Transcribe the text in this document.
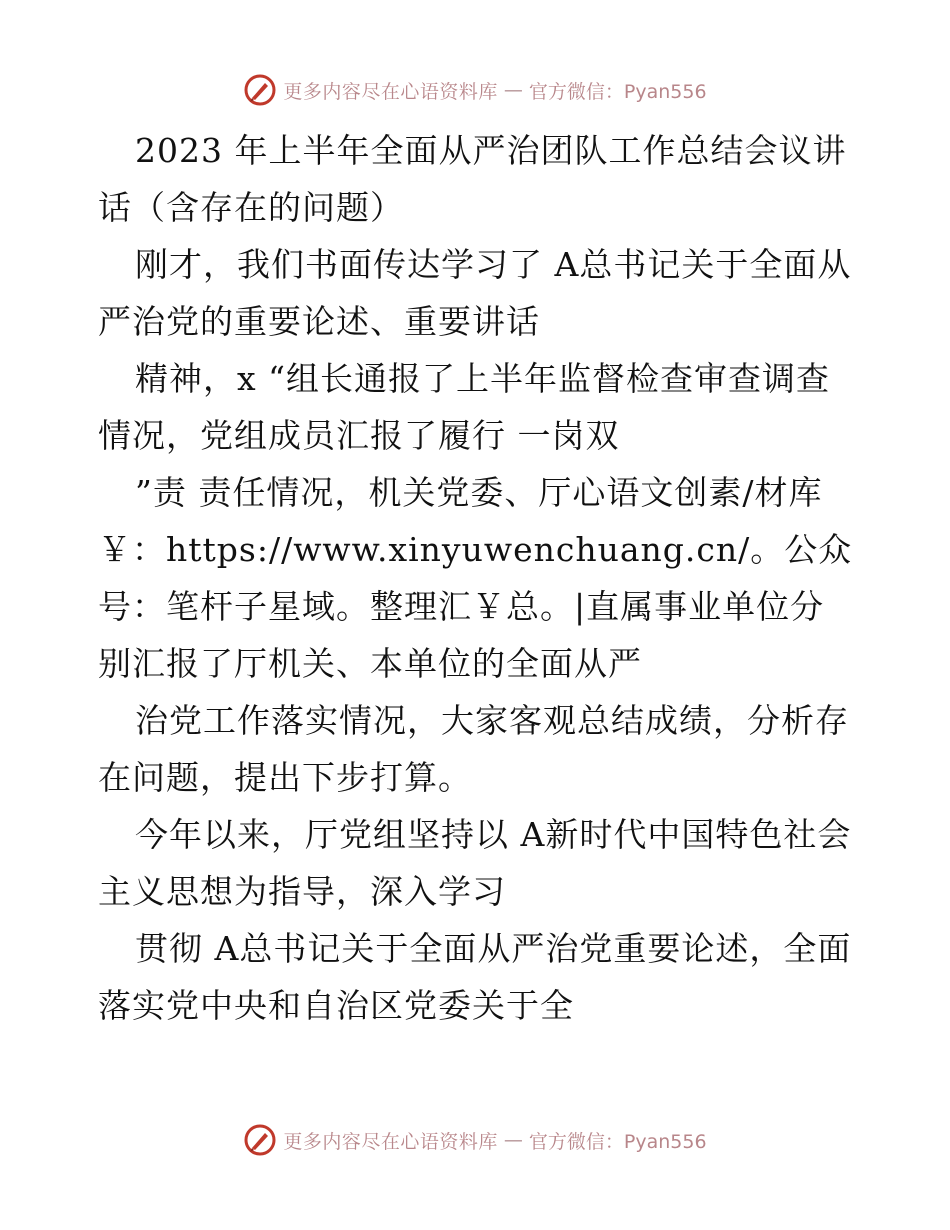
更多内容尽在心语资料库 — 官方微信：Pyan556

2023 年上半年全面从严治团队工作总结会议讲话（含存在的问题）

刚才，我们书面传达学习了 A总书记关于全面从严治党的重要论述、重要讲话

精神，x “组长通报了上半年监督检查审查调查情况，党组成员汇报了履行 一岗双

”责 责任情况，机关党委、厅心语文创素/材库￥：https://www.xinyuwenchuang.cn/。公众号：笔杆子星域。整理汇￥总。|直属事业单位分别汇报了厅机关、本单位的全面从严

治党工作落实情况，大家客观总结成绩，分析存在问题，提出下步打算。

今年以来，厅党组坚持以 A新时代中国特色社会主义思想为指导，深入学习

贯彻 A总书记关于全面从严治党重要论述，全面落实党中央和自治区党委关于全

更多内容尽在心语资料库 — 官方微信：Pyan556
